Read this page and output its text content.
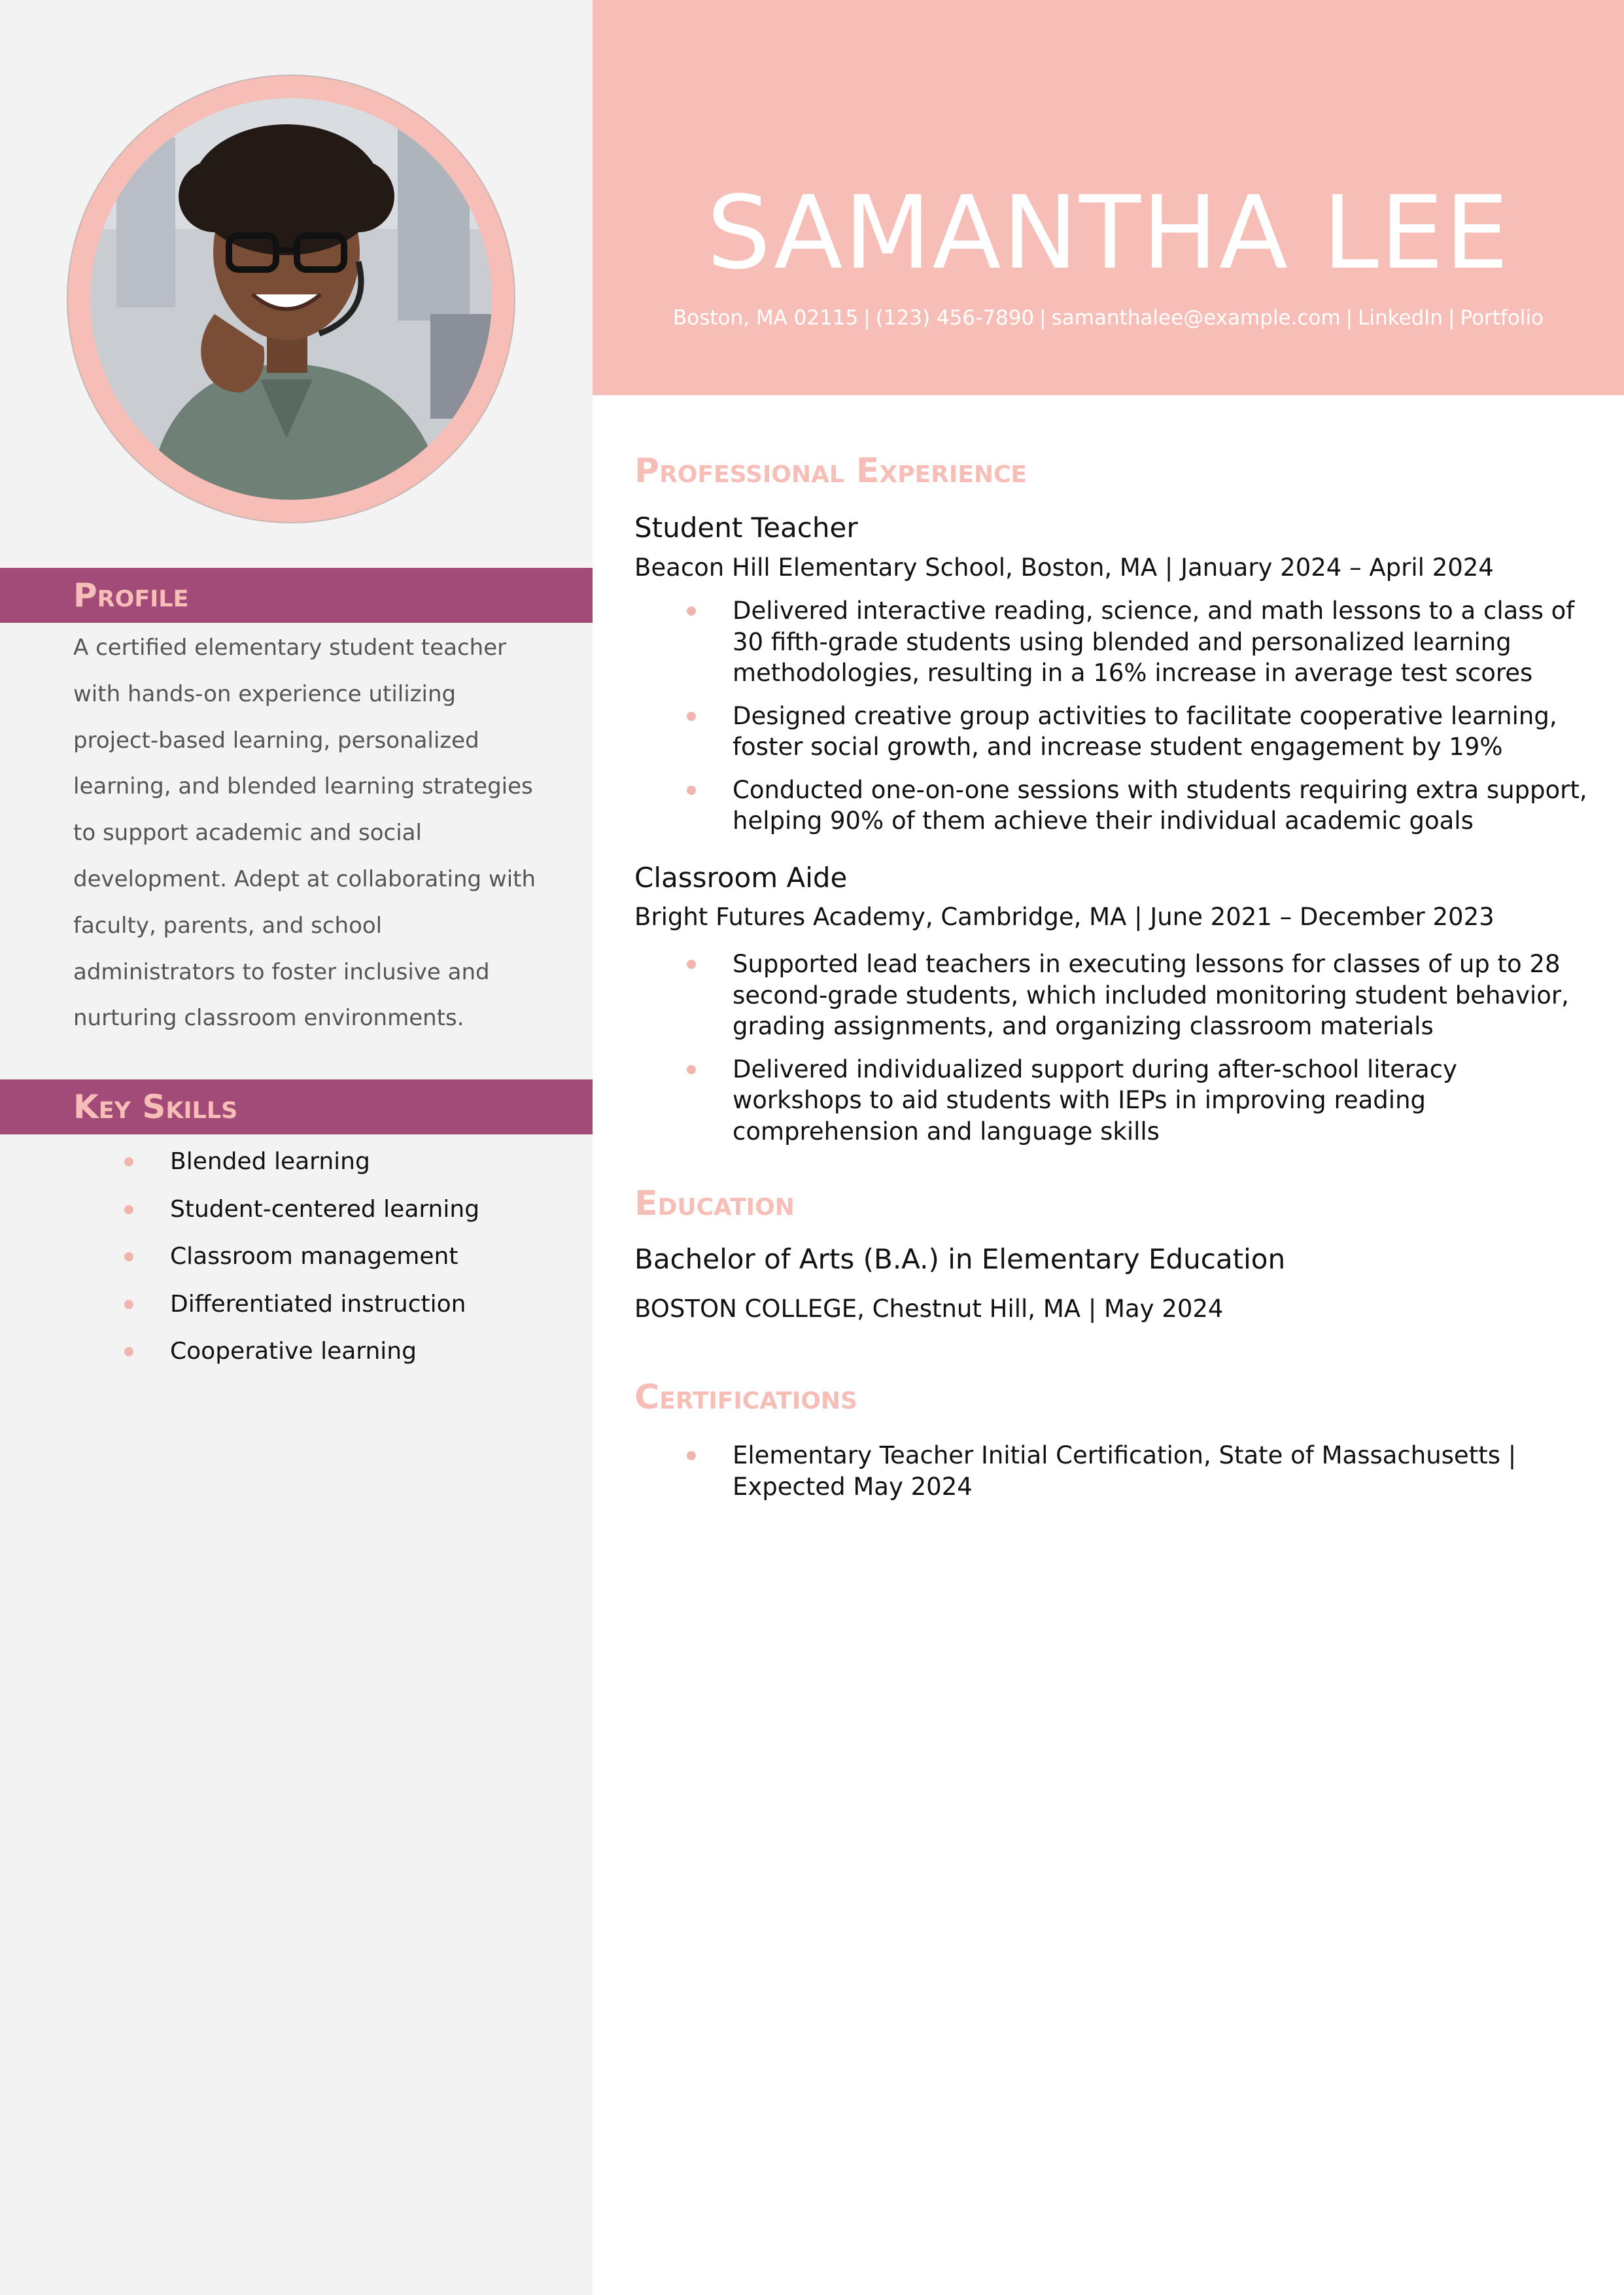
Profile
A certified elementary student teacher with hands-on experience utilizing project-based learning, personalized learning, and blended learning strategies to support academic and social development. Adept at collaborating with faculty, parents, and school administrators to foster inclusive and nurturing classroom environments.
Key Skills
Blended learning
Student-centered learning
Classroom management
Differentiated instruction
Cooperative learning
SAMANTHA LEE
Boston, MA 02115 | (123) 456-7890 | samanthalee@example.com | LinkedIn | Portfolio
Professional Experience
Student Teacher
Beacon Hill Elementary School, Boston, MA | January 2024 – April 2024
Delivered interactive reading, science, and math lessons to a class of 30 fifth-grade students using blended and personalized learning methodologies, resulting in a 16% increase in average test scores
Designed creative group activities to facilitate cooperative learning, foster social growth, and increase student engagement by 19%
Conducted one-on-one sessions with students requiring extra support, helping 90% of them achieve their individual academic goals
Classroom Aide
Bright Futures Academy, Cambridge, MA | June 2021 – December 2023
Supported lead teachers in executing lessons for classes of up to 28 second-grade students, which included monitoring student behavior, grading assignments, and organizing classroom materials
Delivered individualized support during after-school literacy workshops to aid students with IEPs in improving reading comprehension and language skills
Education
Bachelor of Arts (B.A.) in Elementary Education
BOSTON COLLEGE, Chestnut Hill, MA | May 2024
Certifications
Elementary Teacher Initial Certification, State of Massachusetts | Expected May 2024
